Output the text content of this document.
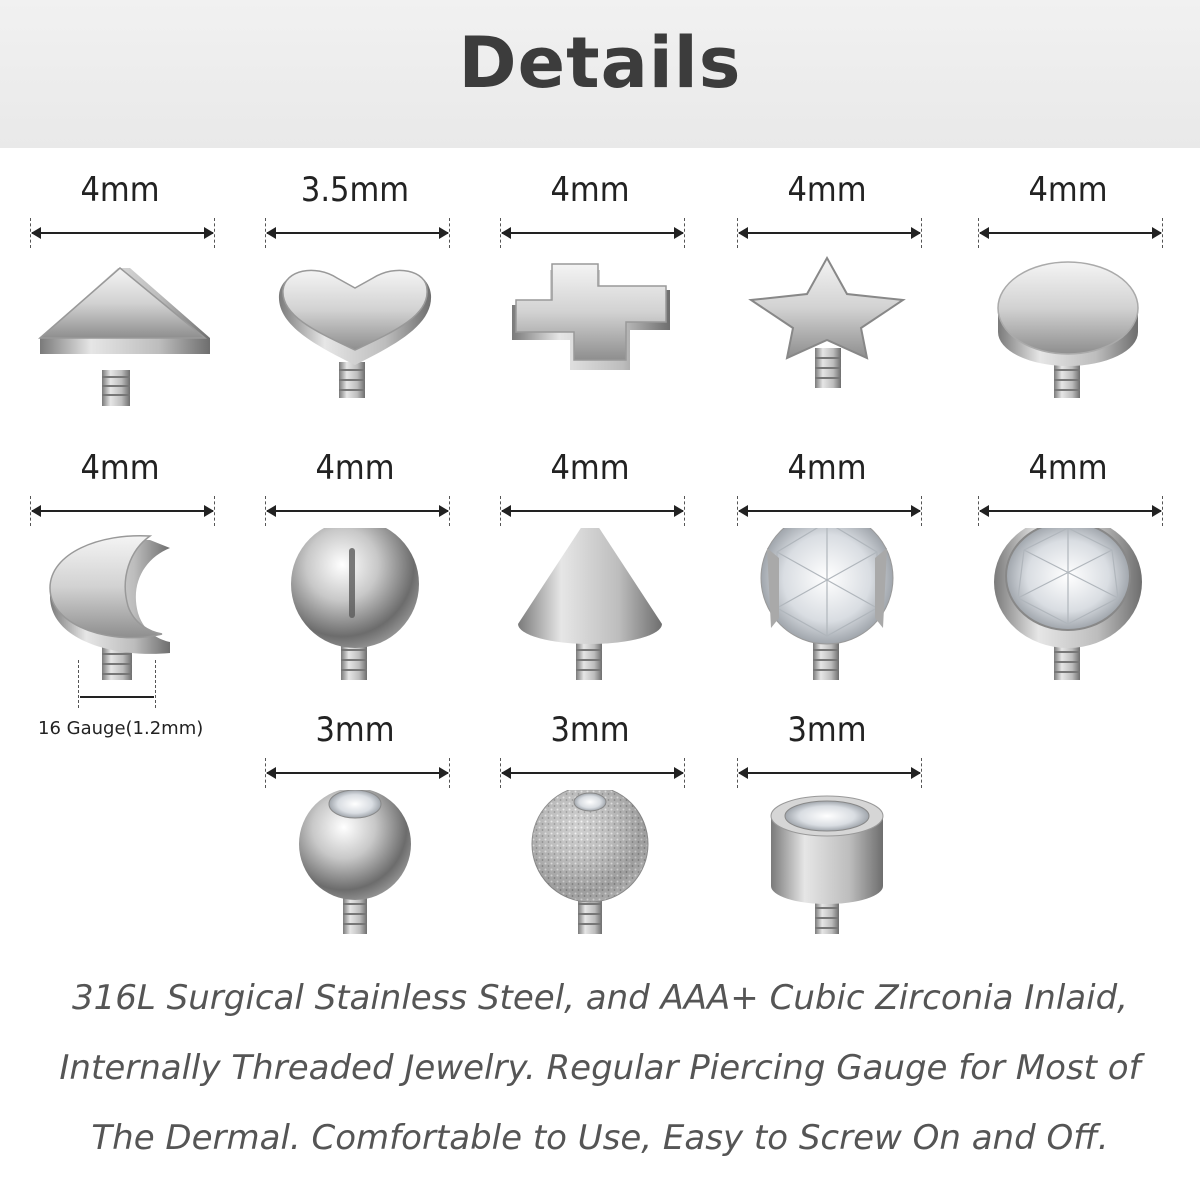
Details
4mm	3.5mm	4mm	4mm	4mm
4mm
16 Gauge(1.2mm)
4mm	4mm	4mm	4mm
3mm	3mm	3mm
316L Surgical Stainless Steel, and AAA+ Cubic Zirconia Inlaid,
Internally Threaded Jewelry. Regular Piercing Gauge for Most of
The Dermal. Comfortable to Use, Easy to Screw On and Off.
